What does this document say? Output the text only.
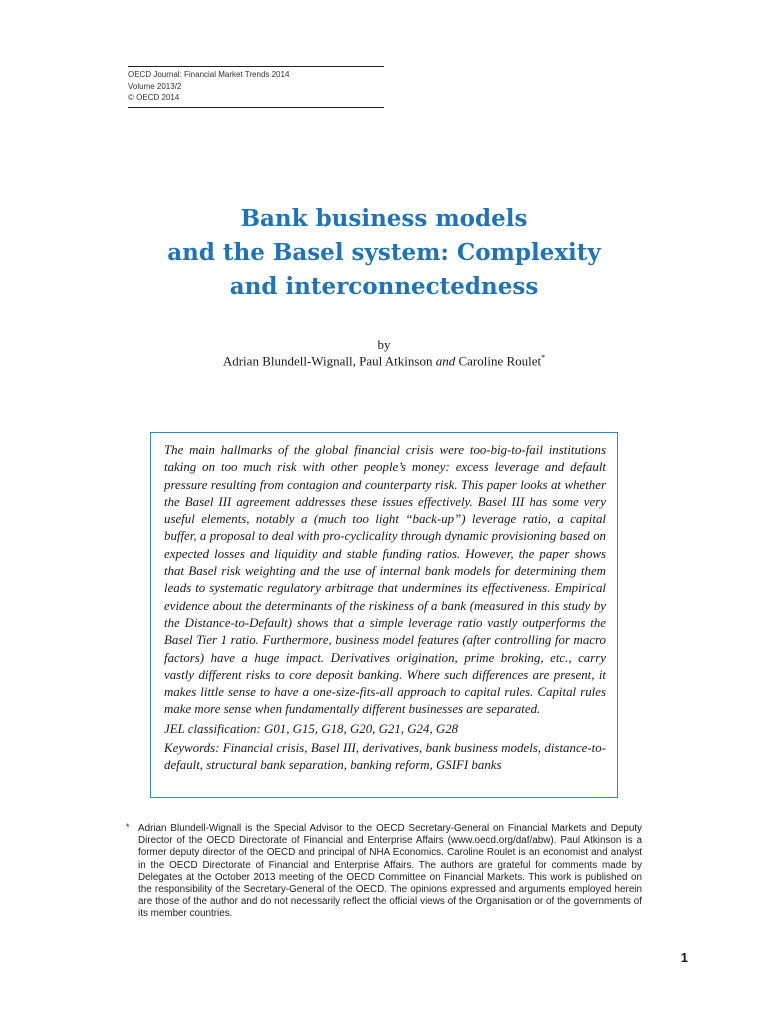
OECD Journal: Financial Market Trends 2014
Volume 2013/2
© OECD 2014
Bank business models
and the Basel system: Complexity
and interconnectedness
by
Adrian Blundell-Wignall, Paul Atkinson and Caroline Roulet*

The main hallmarks of the global financial crisis were too-big-to-fail institutions taking on too much risk with other people’s money: excess leverage and default pressure resulting from contagion and counterparty risk. This paper looks at whether the Basel III agreement addresses these issues effectively. Basel III has some very useful elements, notably a (much too light “back-up”) leverage ratio, a capital buffer, a proposal to deal with pro-cyclicality through dynamic provisioning based on expected losses and liquidity and stable funding ratios. However, the paper shows that Basel risk weighting and the use of internal bank models for determining them leads to systematic regulatory arbitrage that undermines its effectiveness. Empirical evidence about the determinants of the riskiness of a bank (measured in this study by the Distance-to-Default) shows that a simple leverage ratio vastly outperforms the Basel Tier 1 ratio. Furthermore, business model features (after controlling for macro factors) have a huge impact. Derivatives origination, prime broking, etc., carry vastly different risks to core deposit banking. Where such differences are present, it makes little sense to have a one-size-fits-all approach to capital rules. Capital rules make more sense when fundamentally different businesses are separated.

JEL classification: G01, G15, G18, G20, G21, G24, G28

Keywords: Financial crisis, Basel III, derivatives, bank business models, distance-to-default, structural bank separation, banking reform, GSIFI banks

* Adrian Blundell-Wignall is the Special Advisor to the OECD Secretary-General on Financial Markets and Deputy Director of the OECD Directorate of Financial and Enterprise Affairs (www.oecd.org/daf/abw). Paul Atkinson is a former deputy director of the OECD and principal of NHA Economics. Caroline Roulet is an economist and analyst in the OECD Directorate of Financial and Enterprise Affairs. The authors are grateful for comments made by Delegates at the October 2013 meeting of the OECD Committee on Financial Markets. This work is published on the responsibility of the Secretary-General of the OECD. The opinions expressed and arguments employed herein are those of the author and do not necessarily reflect the official views of the Organisation or of the governments of its member countries.
1
